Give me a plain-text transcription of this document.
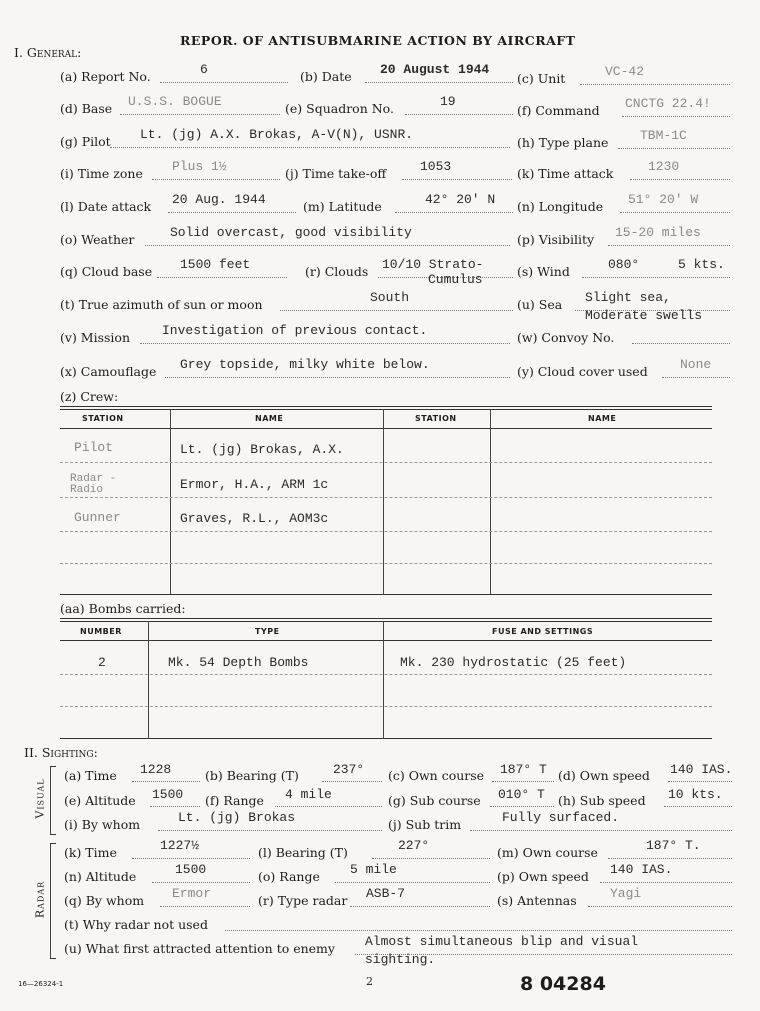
REPOR. OF ANTISUBMARINE ACTION BY AIRCRAFT
I. General:
(a) Report No.	6	(b) Date 20 August 1944
(c) Unit	VC-42
(d) Base U.S.S. BOGUE	(e) Squadron No.	19
(f) Command CNCTG 22.4!
(g) Pilot Lt. (jg) A.X. Brokas, A-V(N), USNR.
(h) Type plane TBM-1C
(i) Time zone Plus 1½	(j) Time take-off	1053	(k) Time attack	1230
(l) Date attack 20 Aug. 1944	(m) Latitude	42° 20' N (n) Longitude 51° 20' W
(o) Weather	Solid overcast, good visibility	(p) Visibility 15-20 miles
(q) Cloud base 1500 feet	(r) Clouds 10/10 Strato-
Cumulus
(s) Wind	080°	5 kts.
(t) True azimuth of sun or moon	South	(u) Sea Slight sea,
Moderate swells
(v) Mission Investigation of previous contact.	(w) Convoy No.
(x) Camouflage Grey topside, milky white below.	(y) Cloud cover used None
(z) Crew:
STATION	NAME	STATION	NAME
Pilot	Lt. (jg) Brokas, A.X.
Radar - Radio	Ermor, H.A., ARM 1c
Gunner	Graves, R.L., AOM3c
(aa) Bombs carried:
NUMBER	TYPE	FUSE AND SETTINGS
2	Mk. 54 Depth Bombs	Mk. 230 hydrostatic (25 feet)
II. Sighting:
Visual
(a) Time 1228	(b) Bearing (T)	237° (c) Own course 187° T (d) Own speed 140 IAS.
(e) Altitude 1500 (f) Range 4 mile	(g) Sub course 010° T (h) Sub speed 10 kts.
(i) By whom	Lt. (jg) Brokas	(j) Sub trim	Fully surfaced.
Radar
(k) Time	1227½	(l) Bearing (T)	227°	(m) Own course	187° T.
(n) Altitude	1500	(o) Range 5 mile	(p) Own speed 140 IAS.
(q) By whom Ermor	(r) Type radar ASB-7	(s) Antennas	Yagi
(t) Why radar not used
(u) What first attracted attention to enemy Almost simultaneous blip and visual
sighting.
16—26324-1	2	8 04284
